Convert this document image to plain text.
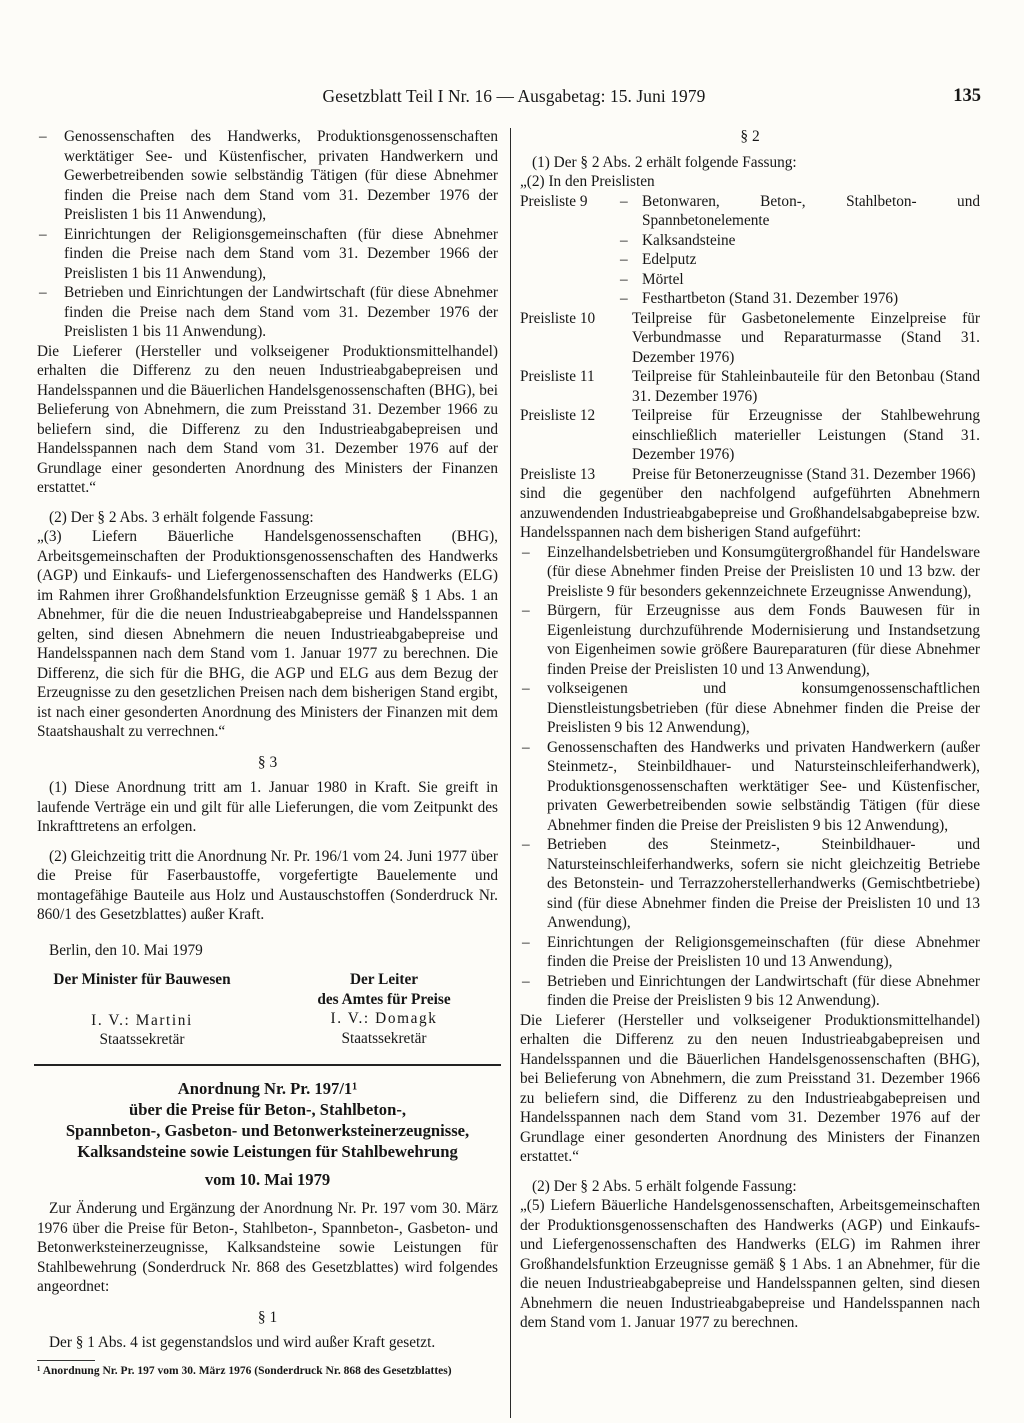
Gesetzblatt Teil I Nr. 16 — Ausgabetag: 15. Juni 1979	135
– Genossenschaften des Handwerks, Produktionsgenossenschaften werktätiger See- und Küstenfischer, privaten Handwerkern und Gewerbetreibenden sowie selbständig Tätigen (für diese Abnehmer finden die Preise nach dem Stand vom 31. Dezember 1976 der Preislisten 1 bis 11 Anwendung),
– Einrichtungen der Religionsgemeinschaften (für diese Abnehmer finden die Preise nach dem Stand vom 31. Dezember 1966 der Preislisten 1 bis 11 Anwendung),
– Betrieben und Einrichtungen der Landwirtschaft (für diese Abnehmer finden die Preise nach dem Stand vom 31. Dezember 1976 der Preislisten 1 bis 11 Anwendung).

Die Lieferer (Hersteller und volkseigener Produktionsmittelhandel) erhalten die Differenz zu den neuen Industrieabgabepreisen und Handelsspannen und die Bäuerlichen Handelsgenossenschaften (BHG), bei Belieferung von Abnehmern, die zum Preisstand 31. Dezember 1966 zu beliefern sind, die Differenz zu den Industrieabgabepreisen und Handelsspannen nach dem Stand vom 31. Dezember 1976 auf der Grundlage einer gesonderten Anordnung des Ministers der Finanzen erstattet.“

(2) Der § 2 Abs. 3 erhält folgende Fassung:

„(3) Liefern Bäuerliche Handelsgenossenschaften (BHG), Arbeitsgemeinschaften der Produktionsgenossenschaften des Handwerks (AGP) und Einkaufs- und Liefergenossenschaften des Handwerks (ELG) im Rahmen ihrer Großhandelsfunktion Erzeugnisse gemäß § 1 Abs. 1 an Abnehmer, für die die neuen Industrieabgabepreise und Handelsspannen gelten, sind diesen Abnehmern die neuen Industrieabgabepreise und Handelsspannen nach dem Stand vom 1. Januar 1977 zu berechnen. Die Differenz, die sich für die BHG, die AGP und ELG aus dem Bezug der Erzeugnisse zu den gesetzlichen Preisen nach dem bisherigen Stand ergibt, ist nach einer gesonderten Anordnung des Ministers der Finanzen mit dem Staatshaushalt zu verrechnen.“

§ 3

(1) Diese Anordnung tritt am 1. Januar 1980 in Kraft. Sie greift in laufende Verträge ein und gilt für alle Lieferungen, die vom Zeitpunkt des Inkrafttretens an erfolgen.

(2) Gleichzeitig tritt die Anordnung Nr. Pr. 196/1 vom 24. Juni 1977 über die Preise für Faserbaustoffe, vorgefertigte Bauelemente und montagefähige Bauteile aus Holz und Austauschstoffen (Sonderdruck Nr. 860/1 des Gesetzblattes) außer Kraft.

Berlin, den 10. Mai 1979

Der Minister für Bauwesen
I. V.: Martini
Staatssekretär
Der Leiter
des Amtes für Preise
I. V.: Domagk
Staatssekretär
Anordnung Nr. Pr. 197/1¹
über die Preise für Beton-, Stahlbeton-,
Spannbeton-, Gasbeton- und Betonwerksteinerzeugnisse,
Kalksandsteine sowie Leistungen für Stahlbewehrung
vom 10. Mai 1979

Zur Änderung und Ergänzung der Anordnung Nr. Pr. 197 vom 30. März 1976 über die Preise für Beton-, Stahlbeton-, Spannbeton-, Gasbeton- und Betonwerksteinerzeugnisse, Kalksandsteine sowie Leistungen für Stahlbewehrung (Sonderdruck Nr. 868 des Gesetzblattes) wird folgendes angeordnet:

§ 1

Der § 1 Abs. 4 ist gegenstandslos und wird außer Kraft gesetzt.

¹ Anordnung Nr. Pr. 197 vom 30. März 1976 (Sonderdruck Nr. 868 des Gesetzblattes)
§ 2

(1) Der § 2 Abs. 2 erhält folgende Fassung:

„(2) In den Preislisten

Preisliste 9	–	Betonwaren, Beton-, Stahlbeton- und Spannbetonelemente
	–	Kalksandsteine
	–	Edelputz
	–	Mörtel
	–	Festhartbeton (Stand 31. Dezember 1976)
Preisliste 10	Teilpreise für Gasbetonelemente Einzelpreise für Verbundmasse und Reparaturmasse (Stand 31. Dezember 1976)	
Preisliste 11	Teilpreise für Stahleinbauteile für den Betonbau (Stand 31. Dezember 1976)	
Preisliste 12	Teilpreise für Erzeugnisse der Stahlbewehrung einschließlich materieller Leistungen (Stand 31. Dezember 1976)	
Preisliste 13	Preise für Betonerzeugnisse (Stand 31. Dezember 1966)	

sind die gegenüber den nachfolgend aufgeführten Abnehmern anzuwendenden Industrieabgabepreise und Großhandelsabgabepreise bzw. Handelsspannen nach dem bisherigen Stand aufgeführt:

– Einzelhandelsbetrieben und Konsumgütergroßhandel für Handelsware (für diese Abnehmer finden Preise der Preislisten 10 und 13 bzw. der Preisliste 9 für besonders gekennzeichnete Erzeugnisse Anwendung),
– Bürgern, für Erzeugnisse aus dem Fonds Bauwesen für in Eigenleistung durchzuführende Modernisierung und Instandsetzung von Eigenheimen sowie größere Baureparaturen (für diese Abnehmer finden Preise der Preislisten 10 und 13 Anwendung),
– volkseigenen und konsumgenossenschaftlichen Dienstleistungsbetrieben (für diese Abnehmer finden die Preise der Preislisten 9 bis 12 Anwendung),
– Genossenschaften des Handwerks und privaten Handwerkern (außer Steinmetz-, Steinbildhauer- und Natursteinschleiferhandwerk), Produktionsgenossenschaften werktätiger See- und Küstenfischer, privaten Gewerbetreibenden sowie selbständig Tätigen (für diese Abnehmer finden die Preise der Preislisten 9 bis 12 Anwendung),
– Betrieben des Steinmetz-, Steinbildhauer- und Natursteinschleiferhandwerks, sofern sie nicht gleichzeitig Betriebe des Betonstein- und Terrazzoherstellerhandwerks (Gemischtbetriebe) sind (für diese Abnehmer finden die Preise der Preislisten 10 und 13 Anwendung),
– Einrichtungen der Religionsgemeinschaften (für diese Abnehmer finden die Preise der Preislisten 10 und 13 Anwendung),
– Betrieben und Einrichtungen der Landwirtschaft (für diese Abnehmer finden die Preise der Preislisten 9 bis 12 Anwendung).

Die Lieferer (Hersteller und volkseigener Produktionsmittelhandel) erhalten die Differenz zu den neuen Industrieabgabepreisen und Handelsspannen und die Bäuerlichen Handelsgenossenschaften (BHG), bei Belieferung von Abnehmern, die zum Preisstand 31. Dezember 1966 zu beliefern sind, die Differenz zu den Industrieabgabepreisen und Handelsspannen nach dem Stand vom 31. Dezember 1976 auf der Grundlage einer gesonderten Anordnung des Ministers der Finanzen erstattet.“

(2) Der § 2 Abs. 5 erhält folgende Fassung:

„(5) Liefern Bäuerliche Handelsgenossenschaften, Arbeitsgemeinschaften der Produktionsgenossenschaften des Handwerks (AGP) und Einkaufs- und Liefergenossenschaften des Handwerks (ELG) im Rahmen ihrer Großhandelsfunktion Erzeugnisse gemäß § 1 Abs. 1 an Abnehmer, für die die neuen Industrieabgabepreise und Handelsspannen gelten, sind diesen Abnehmern die neuen Industrieabgabepreise und Handelsspannen nach dem Stand vom 1. Januar 1977 zu berechnen.
